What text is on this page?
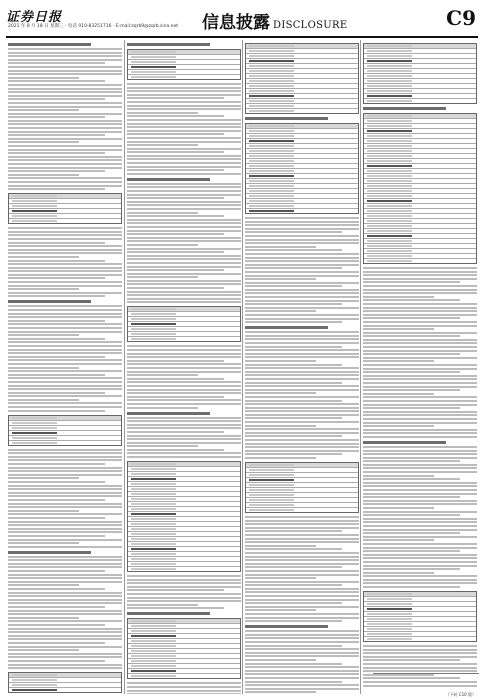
证券日报
2021 年 8 月 18 日 星期三 · 电话 010-83251716 · E-mail:zqrb9@zqrb.sina.net	信息披露 DISCLOSURE	C9
（下转 C10 版）
